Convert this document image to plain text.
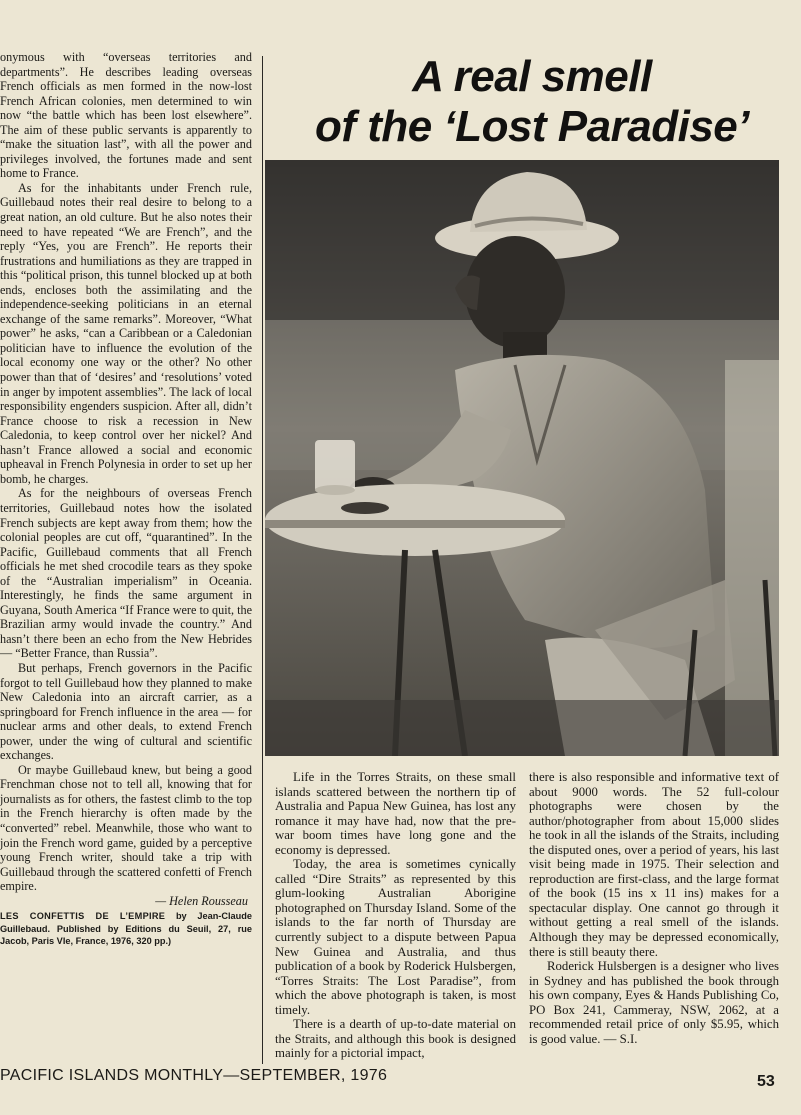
onymous with “overseas territories and departments”. He describes leading overseas French officials as men formed in the now-lost French African colonies, men determined to win now “the battle which has been lost elsewhere”. The aim of these public servants is apparently to “make the situation last”, with all the power and privileges involved, the fortunes made and sent home to France.

As for the inhabitants under French rule, Guillebaud notes their real desire to belong to a great nation, an old culture. But he also notes their need to have repeated “We are French”, and the reply “Yes, you are French”. He reports their frustrations and humiliations as they are trapped in this “political prison, this tunnel blocked up at both ends, encloses both the assimilating and the independence-seeking politicians in an eternal exchange of the same remarks”. Moreover, “What power” he asks, “can a Caribbean or a Caledonian politician have to influence the evolution of the local economy one way or the other? No other power than that of ‘desires’ and ‘resolutions’ voted in anger by impotent assemblies”. The lack of local responsibility engenders suspicion. After all, didn’t France choose to risk a recession in New Caledonia, to keep control over her nickel? And hasn’t France allowed a social and economic upheaval in French Polynesia in order to set up her bomb, he charges.

As for the neighbours of overseas French territories, Guillebaud notes how the isolated French subjects are kept away from them; how the colonial peoples are cut off, “quarantined”. In the Pacific, Guillebaud comments that all French officials he met shed crocodile tears as they spoke of the “Australian imperialism” in Oceania. Interestingly, he finds the same argument in Guyana, South America “If France were to quit, the Brazilian army would invade the country.” And hasn’t there been an echo from the New Hebrides — “Better France, than Russia”.

But perhaps, French governors in the Pacific forgot to tell Guillebaud how they planned to make New Caledonia into an aircraft carrier, as a springboard for French influence in the area — for nuclear arms and other deals, to extend French power, under the wing of cultural and scientific exchanges.

Or maybe Guillebaud knew, but being a good Frenchman chose not to tell all, knowing that for journalists as for others, the fastest climb to the top in the French hierarchy is often made by the “converted” rebel. Meanwhile, those who want to join the French word game, guided by a perceptive young French writer, should take a trip with Guillebaud through the scattered confetti of French empire.

— Helen Rousseau

LES CONFETTIS DE L’EMPIRE by Jean-Claude Guillebaud. Published by Editions du Seuil, 27, rue Jacob, Paris VIe, France, 1976, 320 pp.)

A real smell
of the ‘Lost Paradise’

Life in the Torres Straits, on these small islands scattered between the northern tip of Australia and Papua New Guinea, has lost any romance it may have had, now that the pre-war boom times have long gone and the economy is depressed.

Today, the area is sometimes cynically called “Dire Straits” as represented by this glum-looking Australian Aborigine photographed on Thursday Island. Some of the islands to the far north of Thursday are currently subject to a dispute between Papua New Guinea and Australia, and thus publication of a book by Roderick Hulsbergen, “Torres Straits: The Lost Paradise”, from which the above photograph is taken, is most timely.

There is a dearth of up-to-date material on the Straits, and although this book is designed mainly for a pictorial impact,

there is also responsible and informative text of about 9000 words. The 52 full-colour photographs were chosen by the author/photographer from about 15,000 slides he took in all the islands of the Straits, including the disputed ones, over a period of years, his last visit being made in 1975. Their selection and reproduction are first-class, and the large format of the book (15 ins x 11 ins) makes for a spectacular display. One cannot go through it without getting a real smell of the islands. Although they may be depressed economically, there is still beauty there.

Roderick Hulsbergen is a designer who lives in Sydney and has published the book through his own company, Eyes & Hands Publishing Co, PO Box 241, Cammeray, NSW, 2062, at a recommended retail price of only $5.95, which is good value. — S.I.

PACIFIC ISLANDS MONTHLY—SEPTEMBER, 1976	53
